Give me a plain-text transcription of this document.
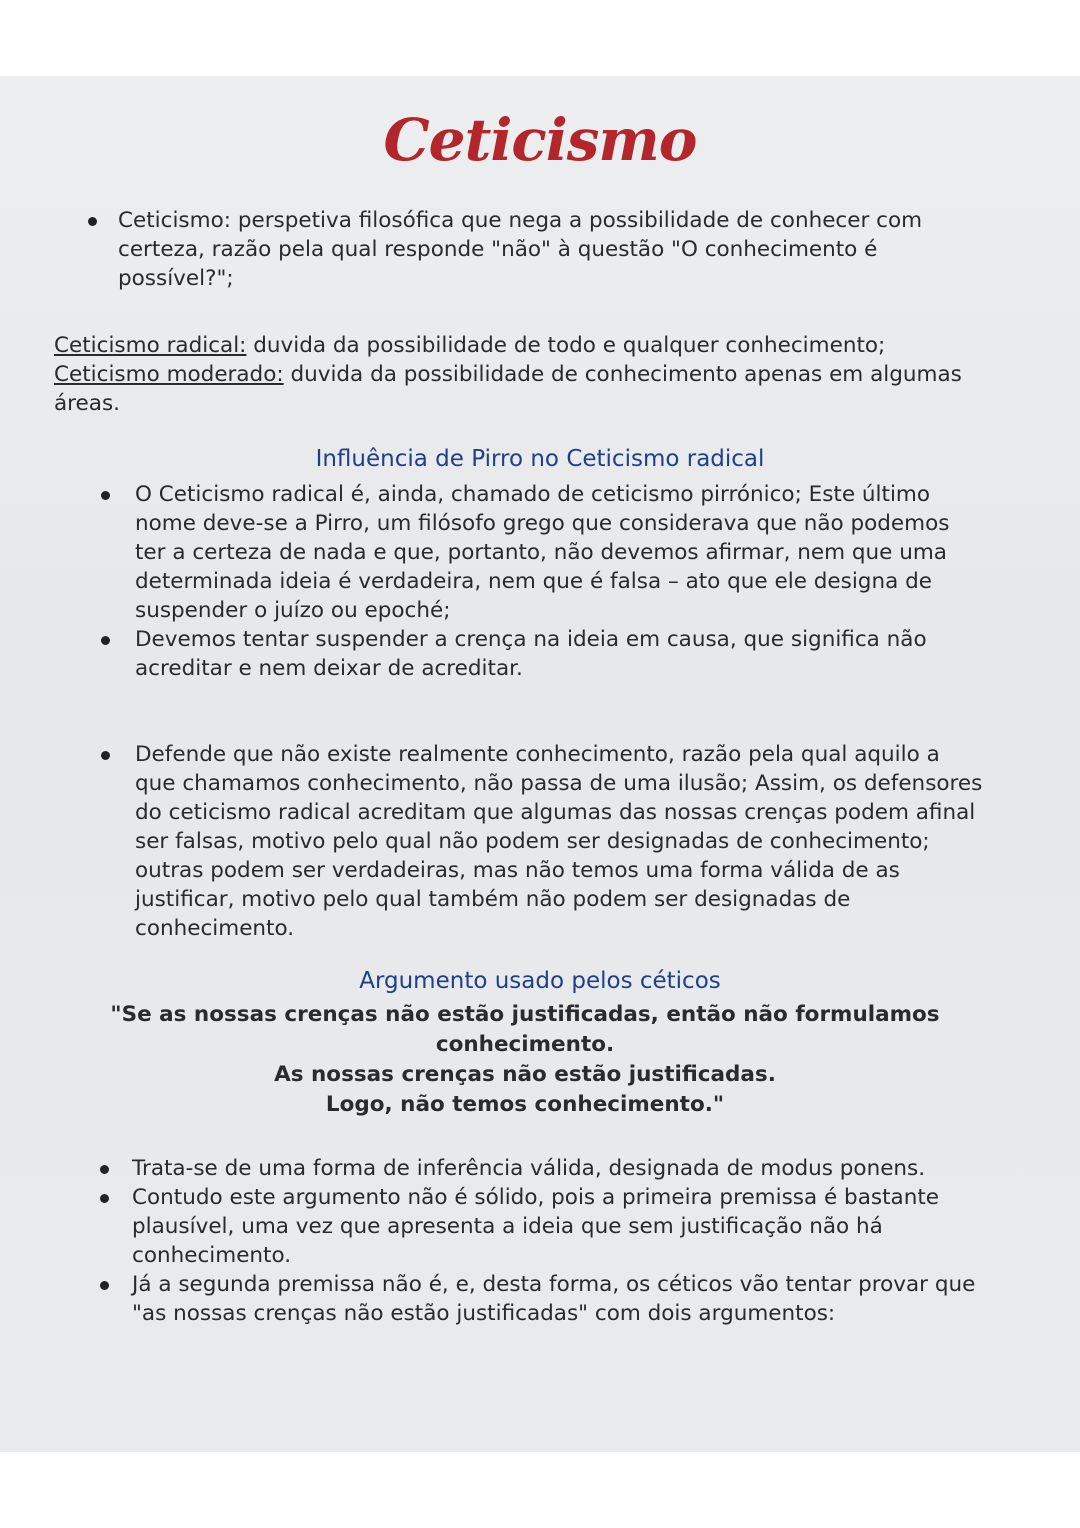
Ceticismo

Ceticismo: perspetiva filosófica que nega a possibilidade de conhecer com certeza, razão pela qual responde "não" à questão "O conhecimento é possível?";

Ceticismo radical: duvida da possibilidade de todo e qualquer conhecimento;

Ceticismo moderado: duvida da possibilidade de conhecimento apenas em algumas áreas.

Influência de Pirro no Ceticismo radical

O Ceticismo radical é, ainda, chamado de ceticismo pirrónico; Este último nome deve-se a Pirro, um filósofo grego que considerava que não podemos ter a certeza de nada e que, portanto, não devemos afirmar, nem que uma determinada ideia é verdadeira, nem que é falsa – ato que ele designa de suspender o juízo ou epoché;

Devemos tentar suspender a crença na ideia em causa, que significa não acreditar e nem deixar de acreditar.

Defende que não existe realmente conhecimento, razão pela qual aquilo a que chamamos conhecimento, não passa de uma ilusão; Assim, os defensores do ceticismo radical acreditam que algumas das nossas crenças podem afinal ser falsas, motivo pelo qual não podem ser designadas de conhecimento; outras podem ser verdadeiras, mas não temos uma forma válida de as justificar, motivo pelo qual também não podem ser designadas de conhecimento.

Argumento usado pelos céticos

"Se as nossas crenças não estão justificadas, então não formulamos

conhecimento.

As nossas crenças não estão justificadas.

Logo, não temos conhecimento."

Trata-se de uma forma de inferência válida, designada de modus ponens.

Contudo este argumento não é sólido, pois a primeira premissa é bastante plausível, uma vez que apresenta a ideia que sem justificação não há conhecimento.

Já a segunda premissa não é, e, desta forma, os céticos vão tentar provar que "as nossas crenças não estão justificadas" com dois argumentos:
